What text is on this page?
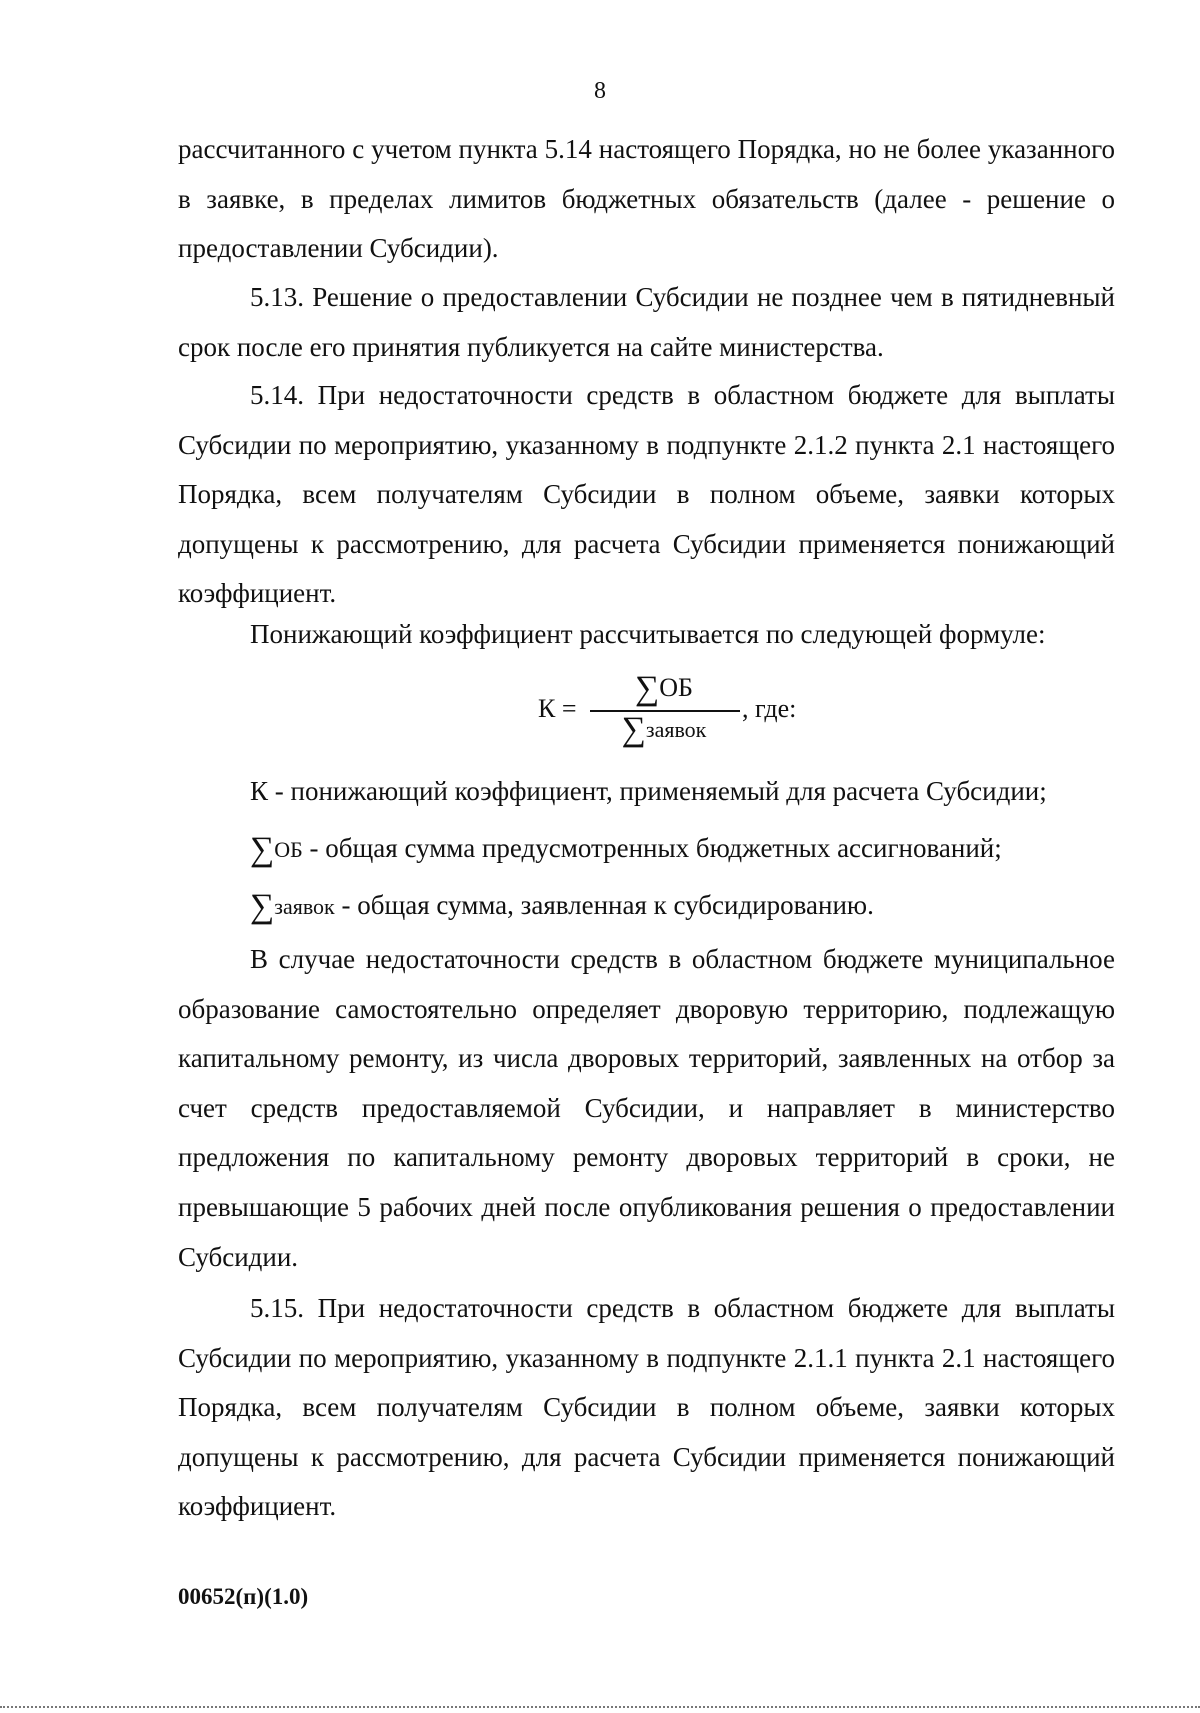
8

рассчитанного с учетом пункта 5.14 настоящего Порядка, но не более указанного в заявке, в пределах лимитов бюджетных обязательств (далее - решение о предоставлении Субсидии).

5.13. Решение о предоставлении Субсидии не позднее чем в пятидневный срок после его принятия публикуется на сайте министерства.

5.14. При недостаточности средств в областном бюджете для выплаты Субсидии по мероприятию, указанному в подпункте 2.1.2 пункта 2.1 настоящего Порядка, всем получателям Субсидии в полном объеме, заявки которых допущены к рассмотрению, для расчета Субсидии применяется понижающий коэффициент.

Понижающий коэффициент рассчитывается по следующей формуле:
К =
∑ОБ
∑заявок
, где:
К - понижающий коэффициент, применяемый для расчета Субсидии;
∑ОБ - общая сумма предусмотренных бюджетных ассигнований;
∑заявок - общая сумма, заявленная к субсидированию.

В случае недостаточности средств в областном бюджете муниципальное образование самостоятельно определяет дворовую территорию, подлежащую капитальному ремонту, из числа дворовых территорий, заявленных на отбор за счет средств предоставляемой Субсидии, и направляет в министерство предложения по капитальному ремонту дворовых территорий в сроки, не превышающие 5 рабочих дней после опубликования решения о предоставлении Субсидии.

5.15. При недостаточности средств в областном бюджете для выплаты Субсидии по мероприятию, указанному в подпункте 2.1.1 пункта 2.1 настоящего Порядка, всем получателям Субсидии в полном объеме, заявки которых допущены к рассмотрению, для расчета Субсидии применяется понижающий коэффициент.

00652(п)(1.0)
